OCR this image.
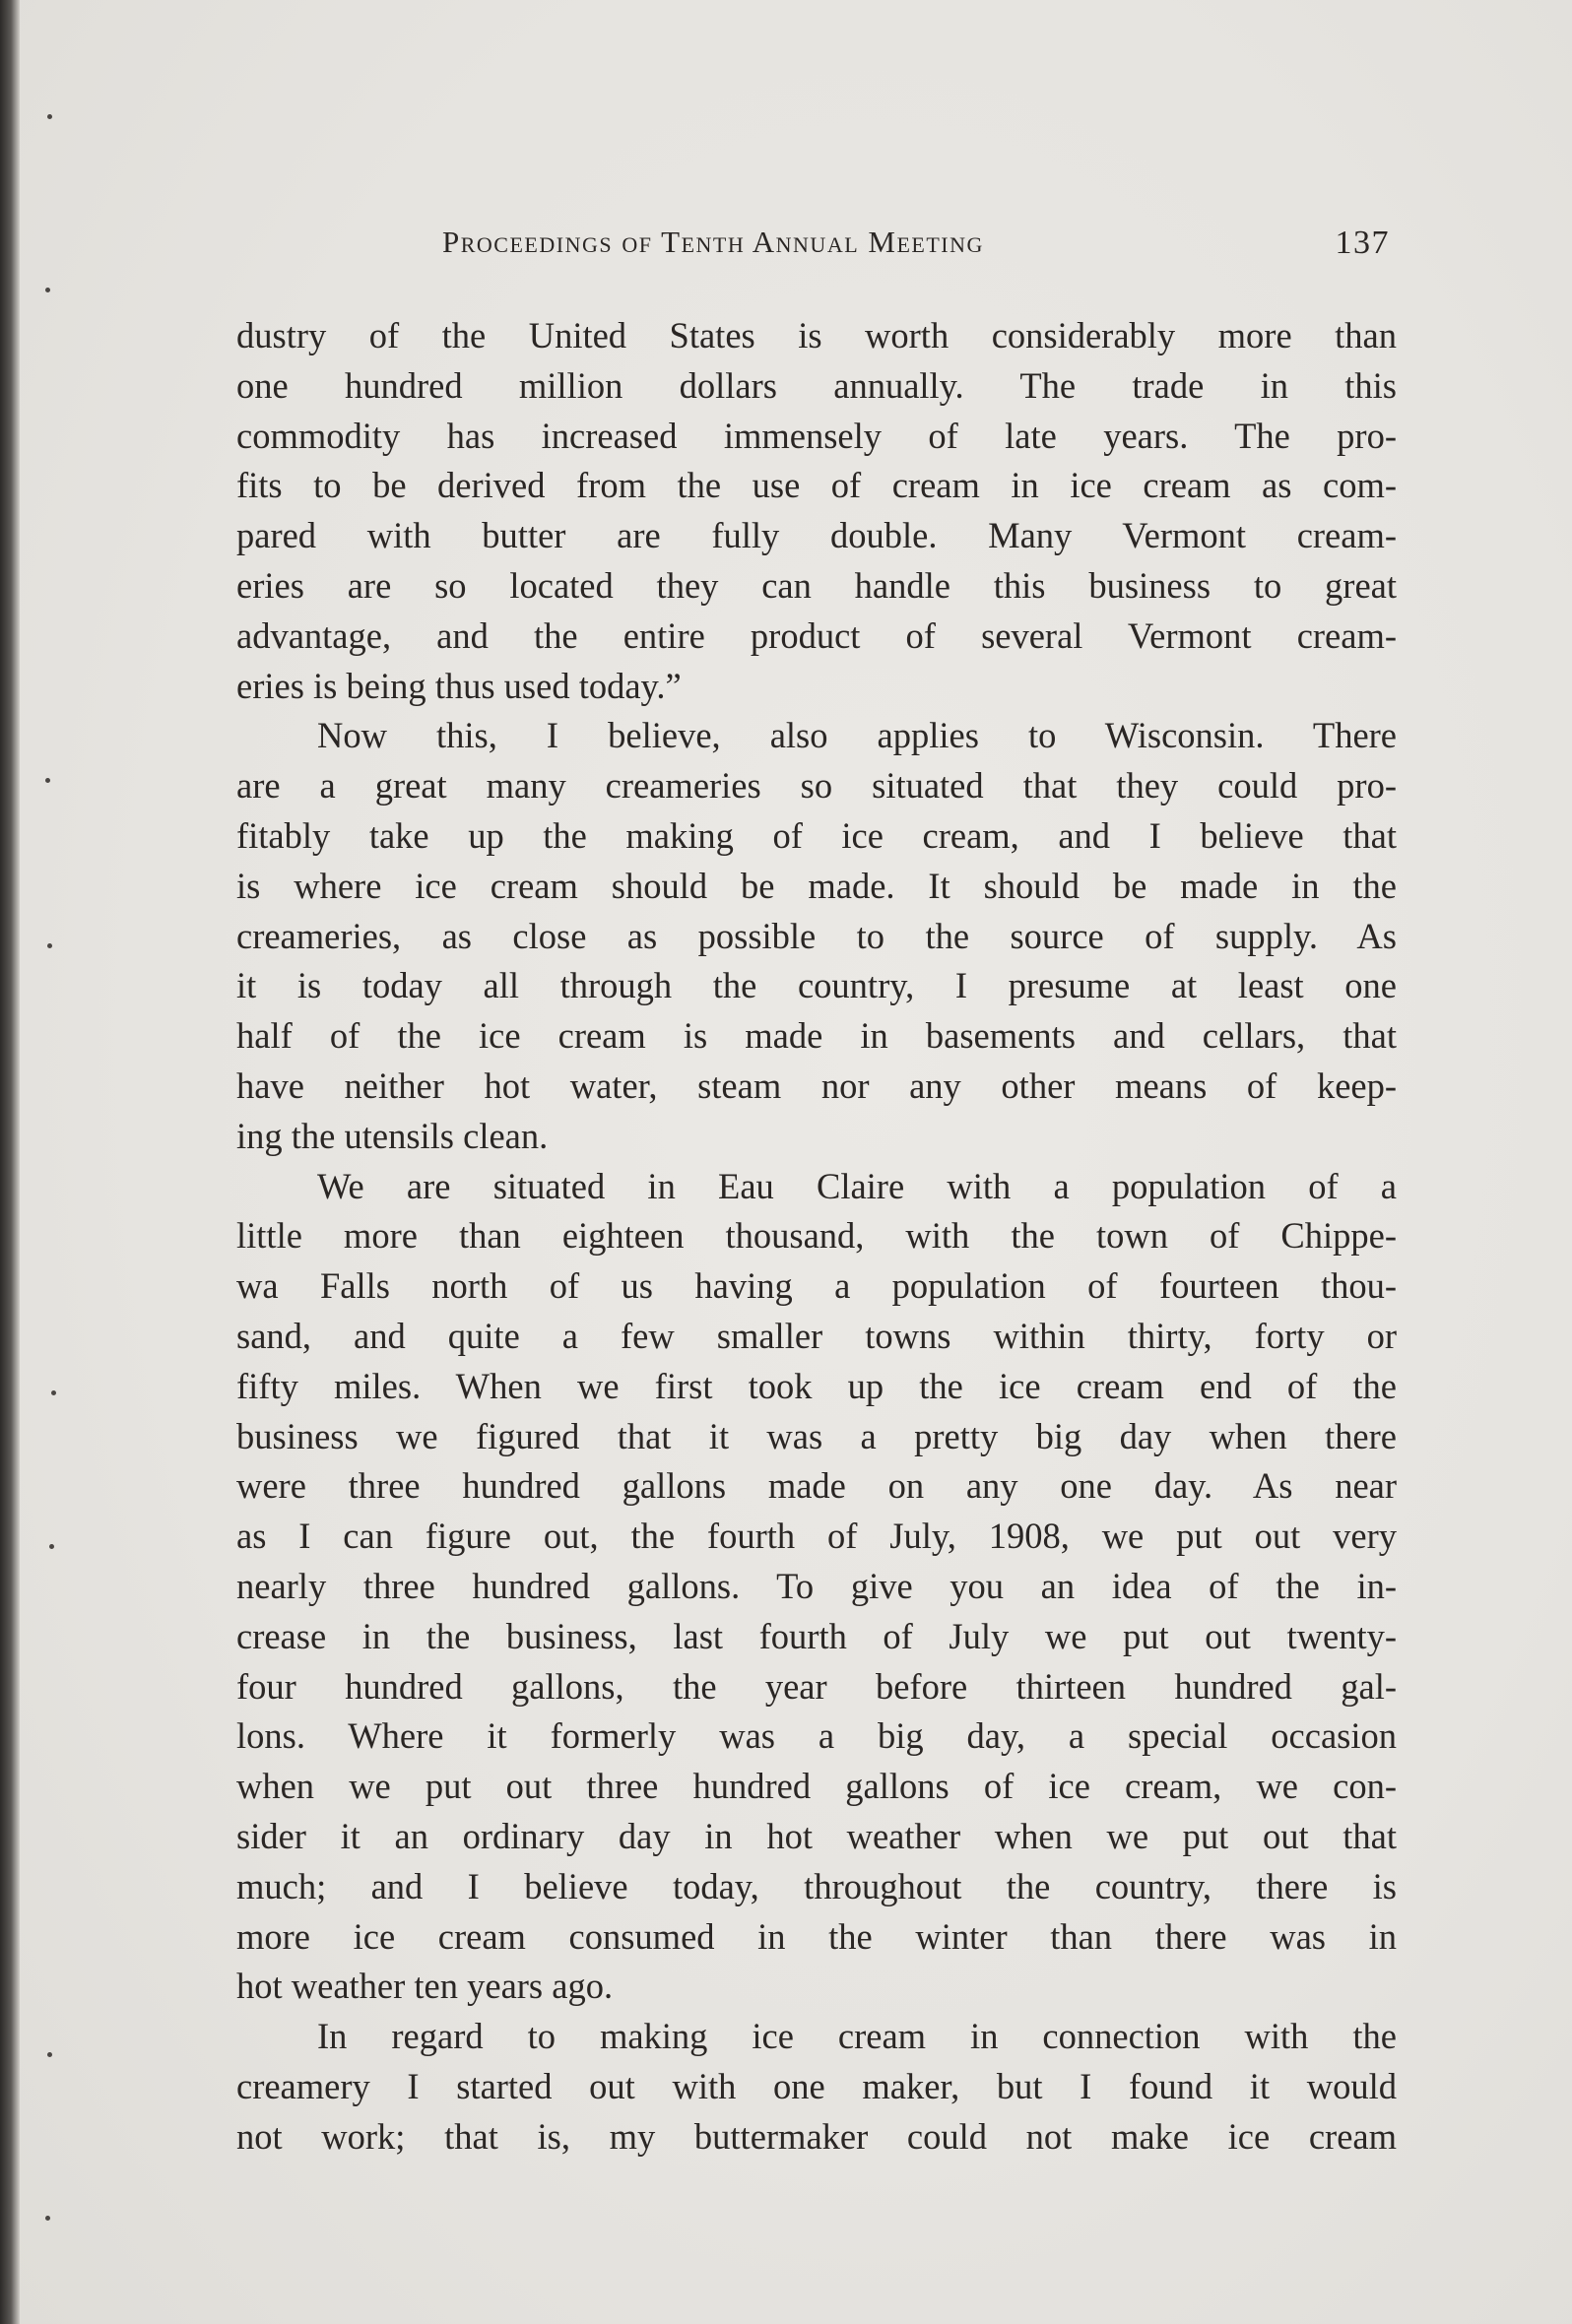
Proceedings of Tenth Annual Meeting	137
dustry of the United States is worth considerably more than
one hundred million dollars annually. The trade in this
commodity has increased immensely of late years. The pro-
fits to be derived from the use of cream in ice cream as com-
pared with butter are fully double. Many Vermont cream-
eries are so located they can handle this business to great
advantage, and the entire product of several Vermont cream-
eries is being thus used today.”
Now this, I believe, also applies to Wisconsin. There
are a great many creameries so situated that they could pro-
fitably take up the making of ice cream, and I believe that
is where ice cream should be made. It should be made in the
creameries, as close as possible to the source of supply. As
it is today all through the country, I presume at least one
half of the ice cream is made in basements and cellars, that
have neither hot water, steam nor any other means of keep-
ing the utensils clean.
We are situated in Eau Claire with a population of a
little more than eighteen thousand, with the town of Chippe-
wa Falls north of us having a population of fourteen thou-
sand, and quite a few smaller towns within thirty, forty or
fifty miles. When we first took up the ice cream end of the
business we figured that it was a pretty big day when there
were three hundred gallons made on any one day. As near
as I can figure out, the fourth of July, 1908, we put out very
nearly three hundred gallons. To give you an idea of the in-
crease in the business, last fourth of July we put out twenty-
four hundred gallons, the year before thirteen hundred gal-
lons. Where it formerly was a big day, a special occasion
when we put out three hundred gallons of ice cream, we con-
sider it an ordinary day in hot weather when we put out that
much; and I believe today, throughout the country, there is
more ice cream consumed in the winter than there was in
hot weather ten years ago.
In regard to making ice cream in connection with the
creamery I started out with one maker, but I found it would
not work; that is, my buttermaker could not make ice cream
